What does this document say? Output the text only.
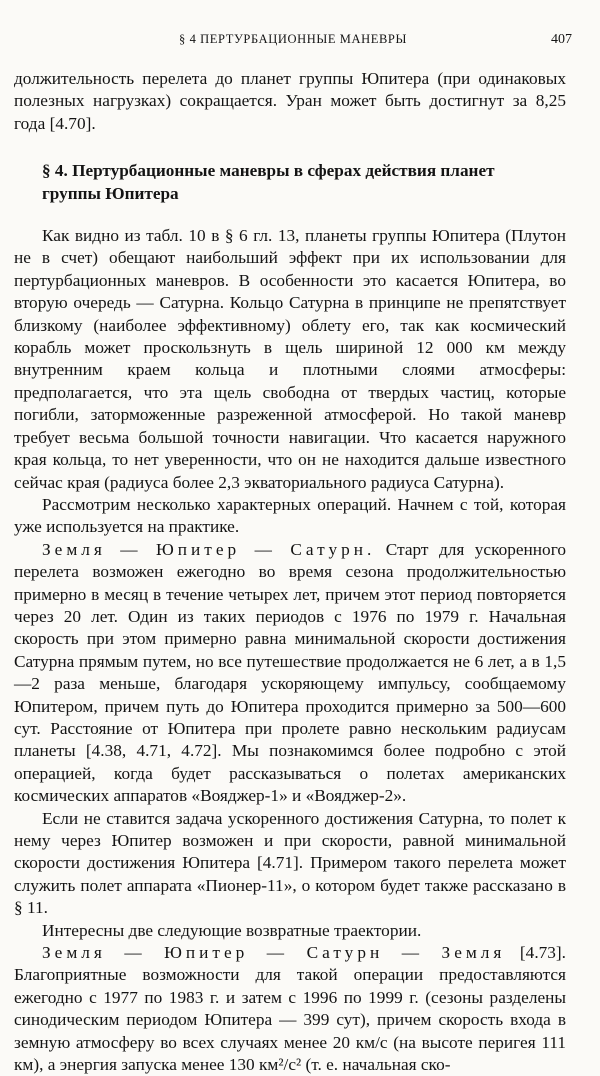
§ 4 ПЕРТУРБАЦИОННЫЕ МАНЕВРЫ	407

должительность перелета до планет группы Юпитера (при одинаковых полезных нагрузках) сокращается. Уран может быть достигнут за 8,25 года [4.70].

§ 4. Пертурбационные маневры в сферах действия планет группы Юпитера

Как видно из табл. 10 в § 6 гл. 13, планеты группы Юпитера (Плутон не в счет) обещают наибольший эффект при их использовании для пертурбационных маневров. В особенности это касается Юпитера, во вторую очередь — Сатурна. Кольцо Сатурна в принципе не препятствует близкому (наиболее эффективному) облету его, так как космический корабль может проскользнуть в щель шириной 12 000 км между внутренним краем кольца и плотными слоями атмосферы: предполагается, что эта щель свободна от твердых частиц, которые погибли, заторможенные разреженной атмосферой. Но такой маневр требует весьма большой точности навигации. Что касается наружного края кольца, то нет уверенности, что он не находится дальше известного сейчас края (радиуса более 2,3 экваториального радиуса Сатурна).

Рассмотрим несколько характерных операций. Начнем с той, которая уже используется на практике.

Земля — Юпитер — Сатурн. Старт для ускоренного перелета возможен ежегодно во время сезона продолжительностью примерно в месяц в течение четырех лет, причем этот период повторяется через 20 лет. Один из таких периодов с 1976 по 1979 г. Начальная скорость при этом примерно равна минимальной скорости достижения Сатурна прямым путем, но все путешествие продолжается не 6 лет, а в 1,5—2 раза меньше, благодаря ускоряющему импульсу, сообщаемому Юпитером, причем путь до Юпитера проходится примерно за 500—600 сут. Расстояние от Юпитера при пролете равно нескольким радиусам планеты [4.38, 4.71, 4.72]. Мы познакомимся более подробно с этой операцией, когда будет рассказываться о полетах американских космических аппаратов «Вояджер-1» и «Вояджер-2».

Если не ставится задача ускоренного достижения Сатурна, то полет к нему через Юпитер возможен и при скорости, равной минимальной скорости достижения Юпитера [4.71]. Примером такого перелета может служить полет аппарата «Пионер-11», о котором будет также рассказано в § 11.

Интересны две следующие возвратные траектории.

Земля — Юпитер — Сатурн — Земля [4.73]. Благоприятные возможности для такой операции предоставляются ежегодно с 1977 по 1983 г. и затем с 1996 по 1999 г. (сезоны разделены синодическим периодом Юпитера — 399 сут), причем скорость входа в земную атмосферу во всех случаях менее 20 км/с (на высоте перигея 111 км), а энергия запуска менее 130 км²/с² (т. е. начальная ско-
